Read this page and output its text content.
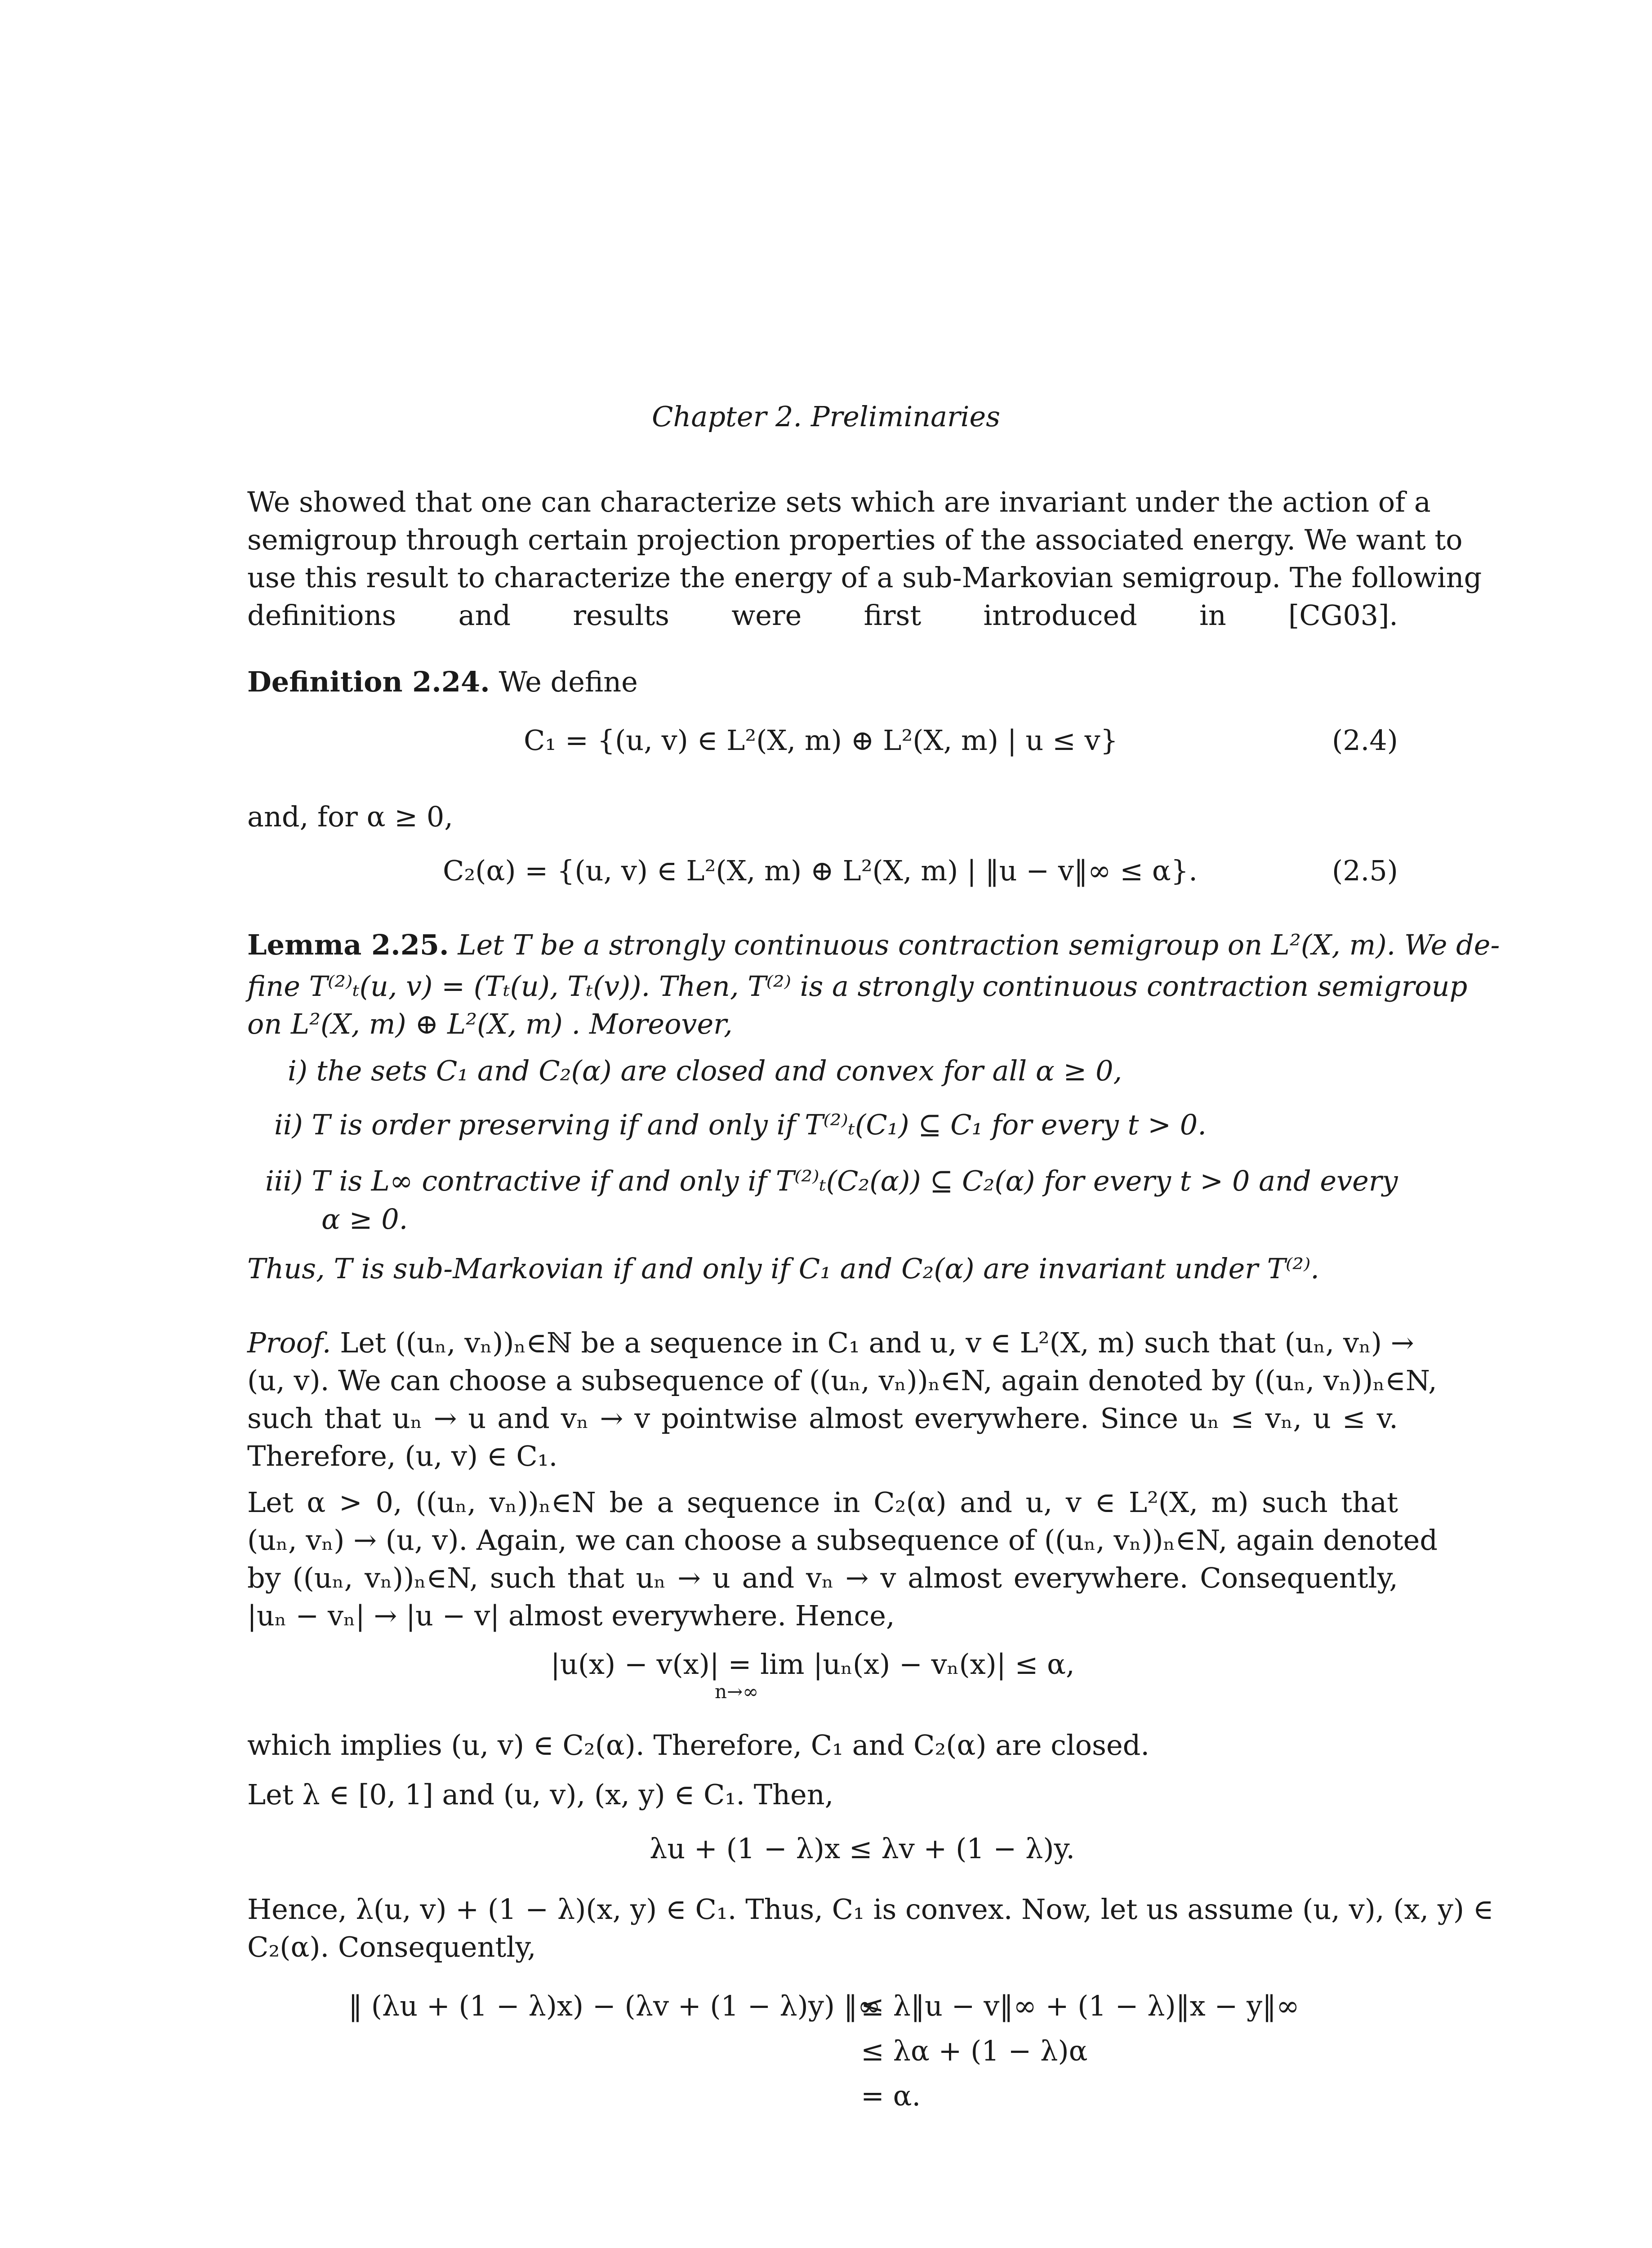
Chapter 2. Preliminaries
We showed that one can characterize sets which are invariant under the action of a
semigroup through certain projection properties of the associated energy. We want to
use this result to characterize the energy of a sub-Markovian semigroup. The following
definitions and results were first introduced in [CG03].
Definition 2.24. We define
C₁ = {(u, v) ∈ L²(X, m) ⊕ L²(X, m) | u ≤ v}	(2.4)
and, for α ≥ 0,
C₂(α) = {(u, v) ∈ L²(X, m) ⊕ L²(X, m) | ‖u − v‖∞ ≤ α}.	(2.5)
Lemma 2.25. Let T be a strongly continuous contraction semigroup on L²(X, m). We de-
fine T⁽²⁾ₜ(u, v) = (Tₜ(u), Tₜ(v)). Then, T⁽²⁾ is a strongly continuous contraction semigroup
on L²(X, m) ⊕ L²(X, m) . Moreover,
i) the sets C₁ and C₂(α) are closed and convex for all α ≥ 0,
ii) T is order preserving if and only if T⁽²⁾ₜ(C₁) ⊆ C₁ for every t > 0.
iii) T is L∞ contractive if and only if T⁽²⁾ₜ(C₂(α)) ⊆ C₂(α) for every t > 0 and every
α ≥ 0.
Thus, T is sub-Markovian if and only if C₁ and C₂(α) are invariant under T⁽²⁾.
Proof. Let ((uₙ, vₙ))ₙ∈ℕ be a sequence in C₁ and u, v ∈ L²(X, m) such that (uₙ, vₙ) →
(u, v). We can choose a subsequence of ((uₙ, vₙ))ₙ∈N, again denoted by ((uₙ, vₙ))ₙ∈N,
such that uₙ → u and vₙ → v pointwise almost everywhere. Since uₙ ≤ vₙ, u ≤ v.
Therefore, (u, v) ∈ C₁.
Let α > 0, ((uₙ, vₙ))ₙ∈N be a sequence in C₂(α) and u, v ∈ L²(X, m) such that
(uₙ, vₙ) → (u, v). Again, we can choose a subsequence of ((uₙ, vₙ))ₙ∈N, again denoted
by ((uₙ, vₙ))ₙ∈N, such that uₙ → u and vₙ → v almost everywhere. Consequently,
|uₙ − vₙ| → |u − v| almost everywhere. Hence,
|u(x) − v(x)| = lim |uₙ(x) − vₙ(x)| ≤ α,
n→∞
which implies (u, v) ∈ C₂(α). Therefore, C₁ and C₂(α) are closed.
Let λ ∈ [0, 1] and (u, v), (x, y) ∈ C₁. Then,
λu + (1 − λ)x ≤ λv + (1 − λ)y.
Hence, λ(u, v) + (1 − λ)(x, y) ∈ C₁. Thus, C₁ is convex. Now, let us assume (u, v), (x, y) ∈
C₂(α). Consequently,
‖ (λu + (1 − λ)x) − (λv + (1 − λ)y) ‖∞
≤ λ‖u − v‖∞ + (1 − λ)‖x − y‖∞
≤ λα + (1 − λ)α
= α.
